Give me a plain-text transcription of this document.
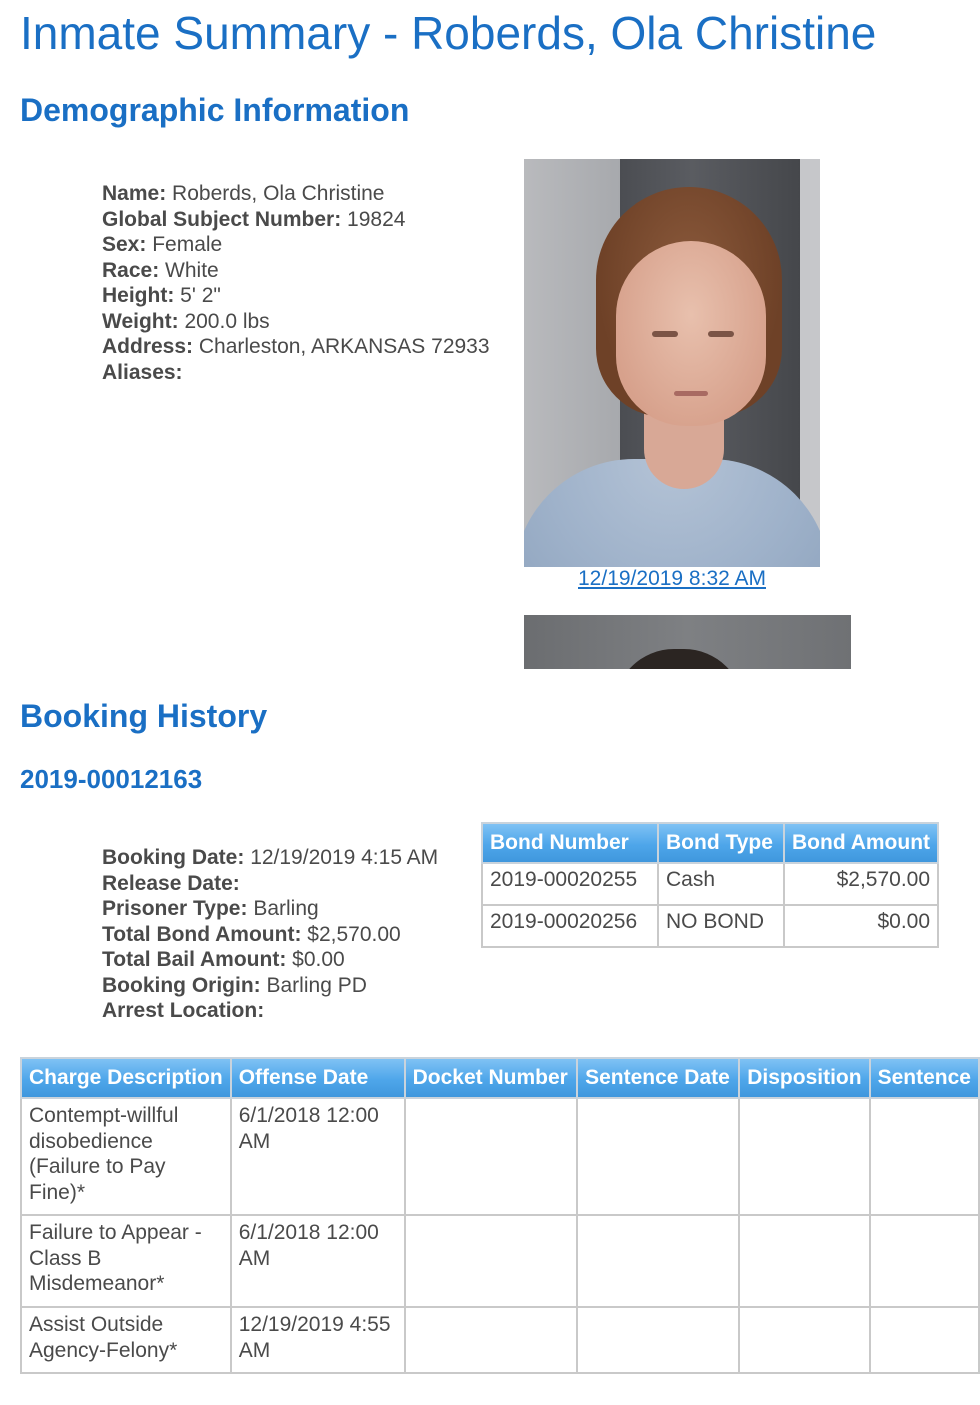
Inmate Summary - Roberds, Ola Christine
Demographic Information
Name: Roberds, Ola Christine
Global Subject Number: 19824
Sex: Female
Race: White
Height: 5' 2"
Weight: 200.0 lbs
Address: Charleston, ARKANSAS 72933
Aliases:
12/19/2019 8:32 AM
Booking History
2019-00012163
Booking Date: 12/19/2019 4:15 AM
Release Date:
Prisoner Type: Barling
Total Bond Amount: $2,570.00
Total Bail Amount: $0.00
Booking Origin: Barling PD
Arrest Location:
Bond Number	Bond Type	Bond Amount
2019-00020255	Cash	$2,570.00
2019-00020256	NO BOND	$0.00
Charge Description	Offense Date	Docket Number	Sentence Date	Disposition	Sentence
Contempt-willful disobedience (Failure to Pay Fine)*	6/1/2018 12:00 AM				
Failure to Appear - Class B Misdemeanor*	6/1/2018 12:00 AM				
Assist Outside Agency-Felony*	12/19/2019 4:55 AM				
